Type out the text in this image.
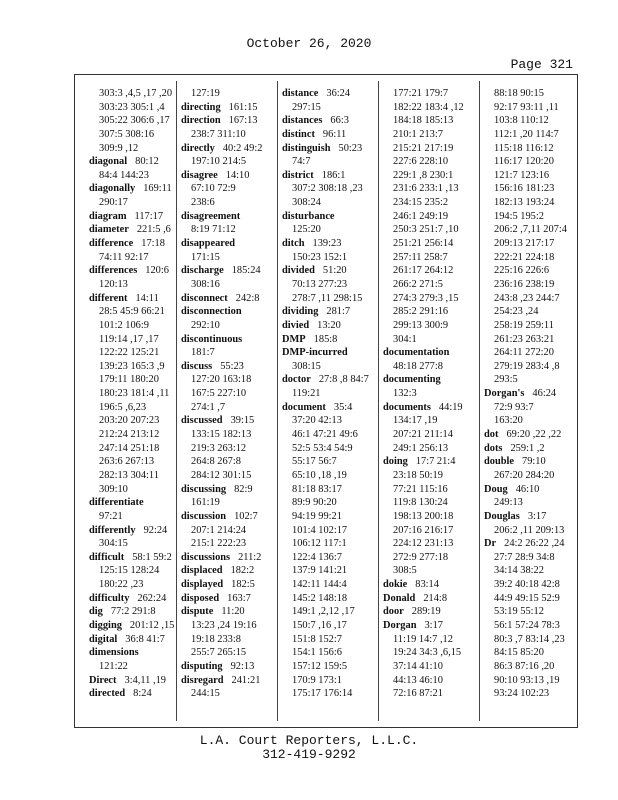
October 26, 2020
Page 321
303:3 ,4,5 ,17 ,20
303:23 305:1 ,4
305:22 306:6 ,17
307:5 308:16
309:9 ,12
diagonal 80:12
84:4 144:23
diagonally 169:11
290:17
diagram 117:17
diameter 221:5 ,6
difference 17:18
74:11 92:17
differences 120:6
120:13
different 14:11
28:5 45:9 66:21
101:2 106:9
119:14 ,17 ,17
122:22 125:21
139:23 165:3 ,9
179:11 180:20
180:23 181:4 ,11
196:5 ,6,23
203:20 207:23
212:24 213:12
247:14 251:18
263:6 267:13
282:13 304:11
309:10
differentiate
97:21
differently 92:24
304:15
difficult 58:1 59:2
125:15 128:24
180:22 ,23
difficulty 262:24
dig 77:2 291:8
digging 201:12 ,15
digital 36:8 41:7
dimensions
121:22
Direct 3:4,11 ,19
directed 8:24
127:19
directing 161:15
direction 167:13
238:7 311:10
directly 40:2 49:2
197:10 214:5
disagree 14:10
67:10 72:9
238:6
disagreement
8:19 71:12
disappeared
171:15
discharge 185:24
308:16
disconnect 242:8
disconnection
292:10
discontinuous
181:7
discuss 55:23
127:20 163:18
167:5 227:10
274:1 ,7
discussed 39:15
133:15 182:13
219:3 263:12
264:8 267:8
284:12 301:15
discussing 82:9
161:19
discussion 102:7
207:1 214:24
215:1 222:23
discussions 211:2
displaced 182:2
displayed 182:5
disposed 163:7
dispute 11:20
13:23 ,24 19:16
19:18 233:8
255:7 265:15
disputing 92:13
disregard 241:21
244:15
distance 36:24
297:15
distances 66:3
distinct 96:11
distinguish 50:23
74:7
district 186:1
307:2 308:18 ,23
308:24
disturbance
125:20
ditch 139:23
150:23 152:1
divided 51:20
70:13 277:23
278:7 ,11 298:15
dividing 281:7
divied 13:20
DMP 185:8
DMP-incurred
308:15
doctor 27:8 ,8 84:7
119:21
document 35:4
37:20 42:13
46:1 47:21 49:6
52:5 53:4 54:9
55:17 56:7
65:10 ,18 ,19
81:18 83:17
89:9 90:20
94:19 99:21
101:4 102:17
106:12 117:1
122:4 136:7
137:9 141:21
142:11 144:4
145:2 148:18
149:1 ,2,12 ,17
150:7 ,16 ,17
151:8 152:7
154:1 156:6
157:12 159:5
170:9 173:1
175:17 176:14
177:21 179:7
182:22 183:4 ,12
184:18 185:13
210:1 213:7
215:21 217:19
227:6 228:10
229:1 ,8 230:1
231:6 233:1 ,13
234:15 235:2
246:1 249:19
250:3 251:7 ,10
251:21 256:14
257:11 258:7
261:17 264:12
266:2 271:5
274:3 279:3 ,15
285:2 291:16
299:13 300:9
304:1
documentation
48:18 277:8
documenting
132:3
documents 44:19
134:17 ,19
207:21 211:14
249:1 256:13
doing 17:7 21:4
23:18 50:19
77:21 115:16
119:8 130:24
198:13 200:18
207:16 216:17
224:12 231:13
272:9 277:18
308:5
dokie 83:14
Donald 214:8
door 289:19
Dorgan 3:17
11:19 14:7 ,12
19:24 34:3 ,6,15
37:14 41:10
44:13 46:10
72:16 87:21
88:18 90:15
92:17 93:11 ,11
103:8 110:12
112:1 ,20 114:7
115:18 116:12
116:17 120:20
121:7 123:16
156:16 181:23
182:13 193:24
194:5 195:2
206:2 ,7,11 207:4
209:13 217:17
222:21 224:18
225:16 226:6
236:16 238:19
243:8 ,23 244:7
254:23 ,24
258:19 259:11
261:23 263:21
264:11 272:20
279:19 283:4 ,8
293:5
Dorgan's 46:24
72:9 93:7
163:20
dot 69:20 ,22 ,22
dots 259:1 ,2
double 79:10
267:20 284:20
Doug 46:10
249:13
Douglas 3:17
206:2 ,11 209:13
Dr 24:2 26:22 ,24
27:7 28:9 34:8
34:14 38:22
39:2 40:18 42:8
44:9 49:15 52:9
53:19 55:12
56:1 57:24 78:3
80:3 ,7 83:14 ,23
84:15 85:20
86:3 87:16 ,20
90:10 93:13 ,19
93:24 102:23
L.A. Court Reporters, L.L.C.
312-419-9292
